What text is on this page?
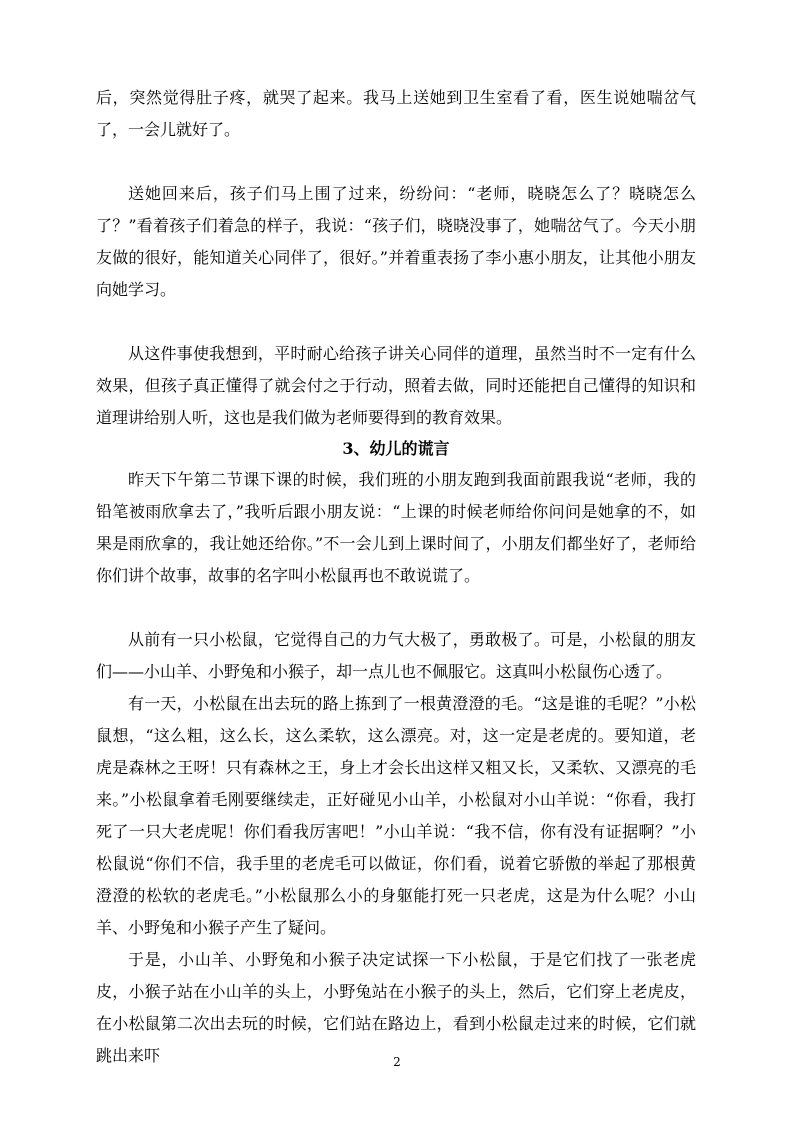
后，突然觉得肚子疼，就哭了起来。我马上送她到卫生室看了看，医生说她喘岔气了，一会儿就好了。

送她回来后，孩子们马上围了过来，纷纷问：“老师，晓晓怎么了？晓晓怎么了？”看着孩子们着急的样子，我说：“孩子们，晓晓没事了，她喘岔气了。今天小朋友做的很好，能知道关心同伴了，很好。”并着重表扬了李小惠小朋友，让其他小朋友向她学习。

从这件事使我想到，平时耐心给孩子讲关心同伴的道理，虽然当时不一定有什么效果，但孩子真正懂得了就会付之于行动，照着去做，同时还能把自己懂得的知识和道理讲给别人听，这也是我们做为老师要得到的教育效果。

3、幼儿的谎言

昨天下午第二节课下课的时候，我们班的小朋友跑到我面前跟我说“老师，我的铅笔被雨欣拿去了，”我听后跟小朋友说：“上课的时候老师给你问问是她拿的不，如果是雨欣拿的，我让她还给你。”不一会儿到上课时间了，小朋友们都坐好了，老师给你们讲个故事，故事的名字叫小松鼠再也不敢说谎了。

从前有一只小松鼠，它觉得自己的力气大极了，勇敢极了。可是，小松鼠的朋友们——小山羊、小野兔和小猴子，却一点儿也不佩服它。这真叫小松鼠伤心透了。

有一天，小松鼠在出去玩的路上拣到了一根黄澄澄的毛。“这是谁的毛呢？”小松鼠想，“这么粗，这么长，这么柔软，这么漂亮。对，这一定是老虎的。要知道，老虎是森林之王呀！只有森林之王，身上才会长出这样又粗又长，又柔软、又漂亮的毛来。”小松鼠拿着毛刚要继续走，正好碰见小山羊，小松鼠对小山羊说：“你看，我打死了一只大老虎呢！你们看我厉害吧！”小山羊说：“我不信，你有没有证据啊？”小松鼠说“你们不信，我手里的老虎毛可以做证，你们看，说着它骄傲的举起了那根黄澄澄的松软的老虎毛。”小松鼠那么小的身躯能打死一只老虎，这是为什么呢？小山羊、小野兔和小猴子产生了疑问。

于是，小山羊、小野兔和小猴子决定试探一下小松鼠，于是它们找了一张老虎皮，小猴子站在小山羊的头上，小野兔站在小猴子的头上，然后，它们穿上老虎皮，在小松鼠第二次出去玩的时候，它们站在路边上，看到小松鼠走过来的时候，它们就跳出来吓	2
